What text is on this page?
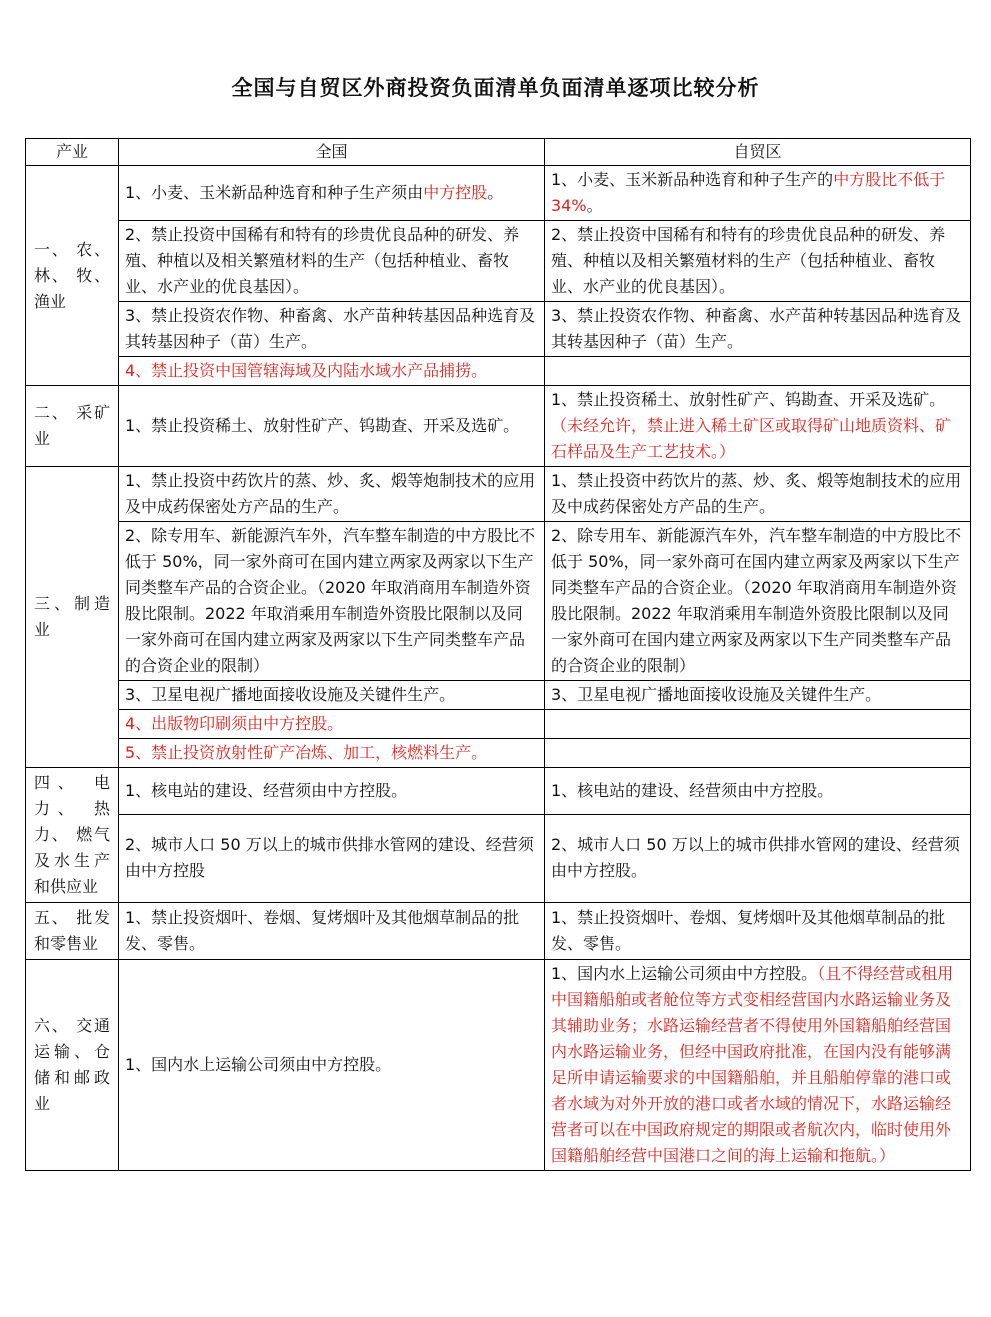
全国与自贸区外商投资负面清单负面清单逐项比较分析
产业	全国	自贸区
一、 农、林、 牧、渔业	1、小麦、玉米新品种选育和种子生产须由中方控股。	1、小麦、玉米新品种选育和种子生产的中方股比不低于 34%。
	2、禁止投资中国稀有和特有的珍贵优良品种的研发、养殖、种植以及相关繁殖材料的生产（包括种植业、畜牧业、水产业的优良基因）。	2、禁止投资中国稀有和特有的珍贵优良品种的研发、养殖、种植以及相关繁殖材料的生产（包括种植业、畜牧业、水产业的优良基因）。
	3、禁止投资农作物、种畜禽、水产苗种转基因品种选育及其转基因种子（苗）生产。	3、禁止投资农作物、种畜禽、水产苗种转基因品种选育及其转基因种子（苗）生产。
	4、禁止投资中国管辖海域及内陆水域水产品捕捞。	
二、 采矿业	1、禁止投资稀土、放射性矿产、钨勘查、开采及选矿。	1、禁止投资稀土、放射性矿产、钨勘查、开采及选矿。（未经允许，禁止进入稀土矿区或取得矿山地质资料、矿石样品及生产工艺技术。）
三、制造业	1、禁止投资中药饮片的蒸、炒、炙、煅等炮制技术的应用及中成药保密处方产品的生产。	1、禁止投资中药饮片的蒸、炒、炙、煅等炮制技术的应用及中成药保密处方产品的生产。
	2、除专用车、新能源汽车外，汽车整车制造的中方股比不低于 50%，同一家外商可在国内建立两家及两家以下生产同类整车产品的合资企业。（2020 年取消商用车制造外资股比限制。2022 年取消乘用车制造外资股比限制以及同一家外商可在国内建立两家及两家以下生产同类整车产品的合资企业的限制）	2、除专用车、新能源汽车外，汽车整车制造的中方股比不低于 50%，同一家外商可在国内建立两家及两家以下生产同类整车产品的合资企业。（2020 年取消商用车制造外资股比限制。2022 年取消乘用车制造外资股比限制以及同一家外商可在国内建立两家及两家以下生产同类整车产品的合资企业的限制）
	3、卫星电视广播地面接收设施及关键件生产。	3、卫星电视广播地面接收设施及关键件生产。
	4、出版物印刷须由中方控股。	
	5、禁止投资放射性矿产冶炼、加工，核燃料生产。	
四、 电力、 热力、 燃气及水生产和供应业	1、核电站的建设、经营须由中方控股。	1、核电站的建设、经营须由中方控股。
	2、城市人口 50 万以上的城市供排水管网的建设、经营须由中方控股	2、城市人口 50 万以上的城市供排水管网的建设、经营须由中方控股。
五、 批发和零售业	1、禁止投资烟叶、卷烟、复烤烟叶及其他烟草制品的批发、零售。	1、禁止投资烟叶、卷烟、复烤烟叶及其他烟草制品的批发、零售。
六、 交通运输、仓储和邮政业	1、国内水上运输公司须由中方控股。	1、国内水上运输公司须由中方控股。（且不得经营或租用中国籍船舶或者舱位等方式变相经营国内水路运输业务及其辅助业务；水路运输经营者不得使用外国籍船舶经营国内水路运输业务，但经中国政府批准，在国内没有能够满足所申请运输要求的中国籍船舶，并且船舶停靠的港口或者水域为对外开放的港口或者水域的情况下，水路运输经营者可以在中国政府规定的期限或者航次内，临时使用外国籍船舶经营中国港口之间的海上运输和拖航。）
